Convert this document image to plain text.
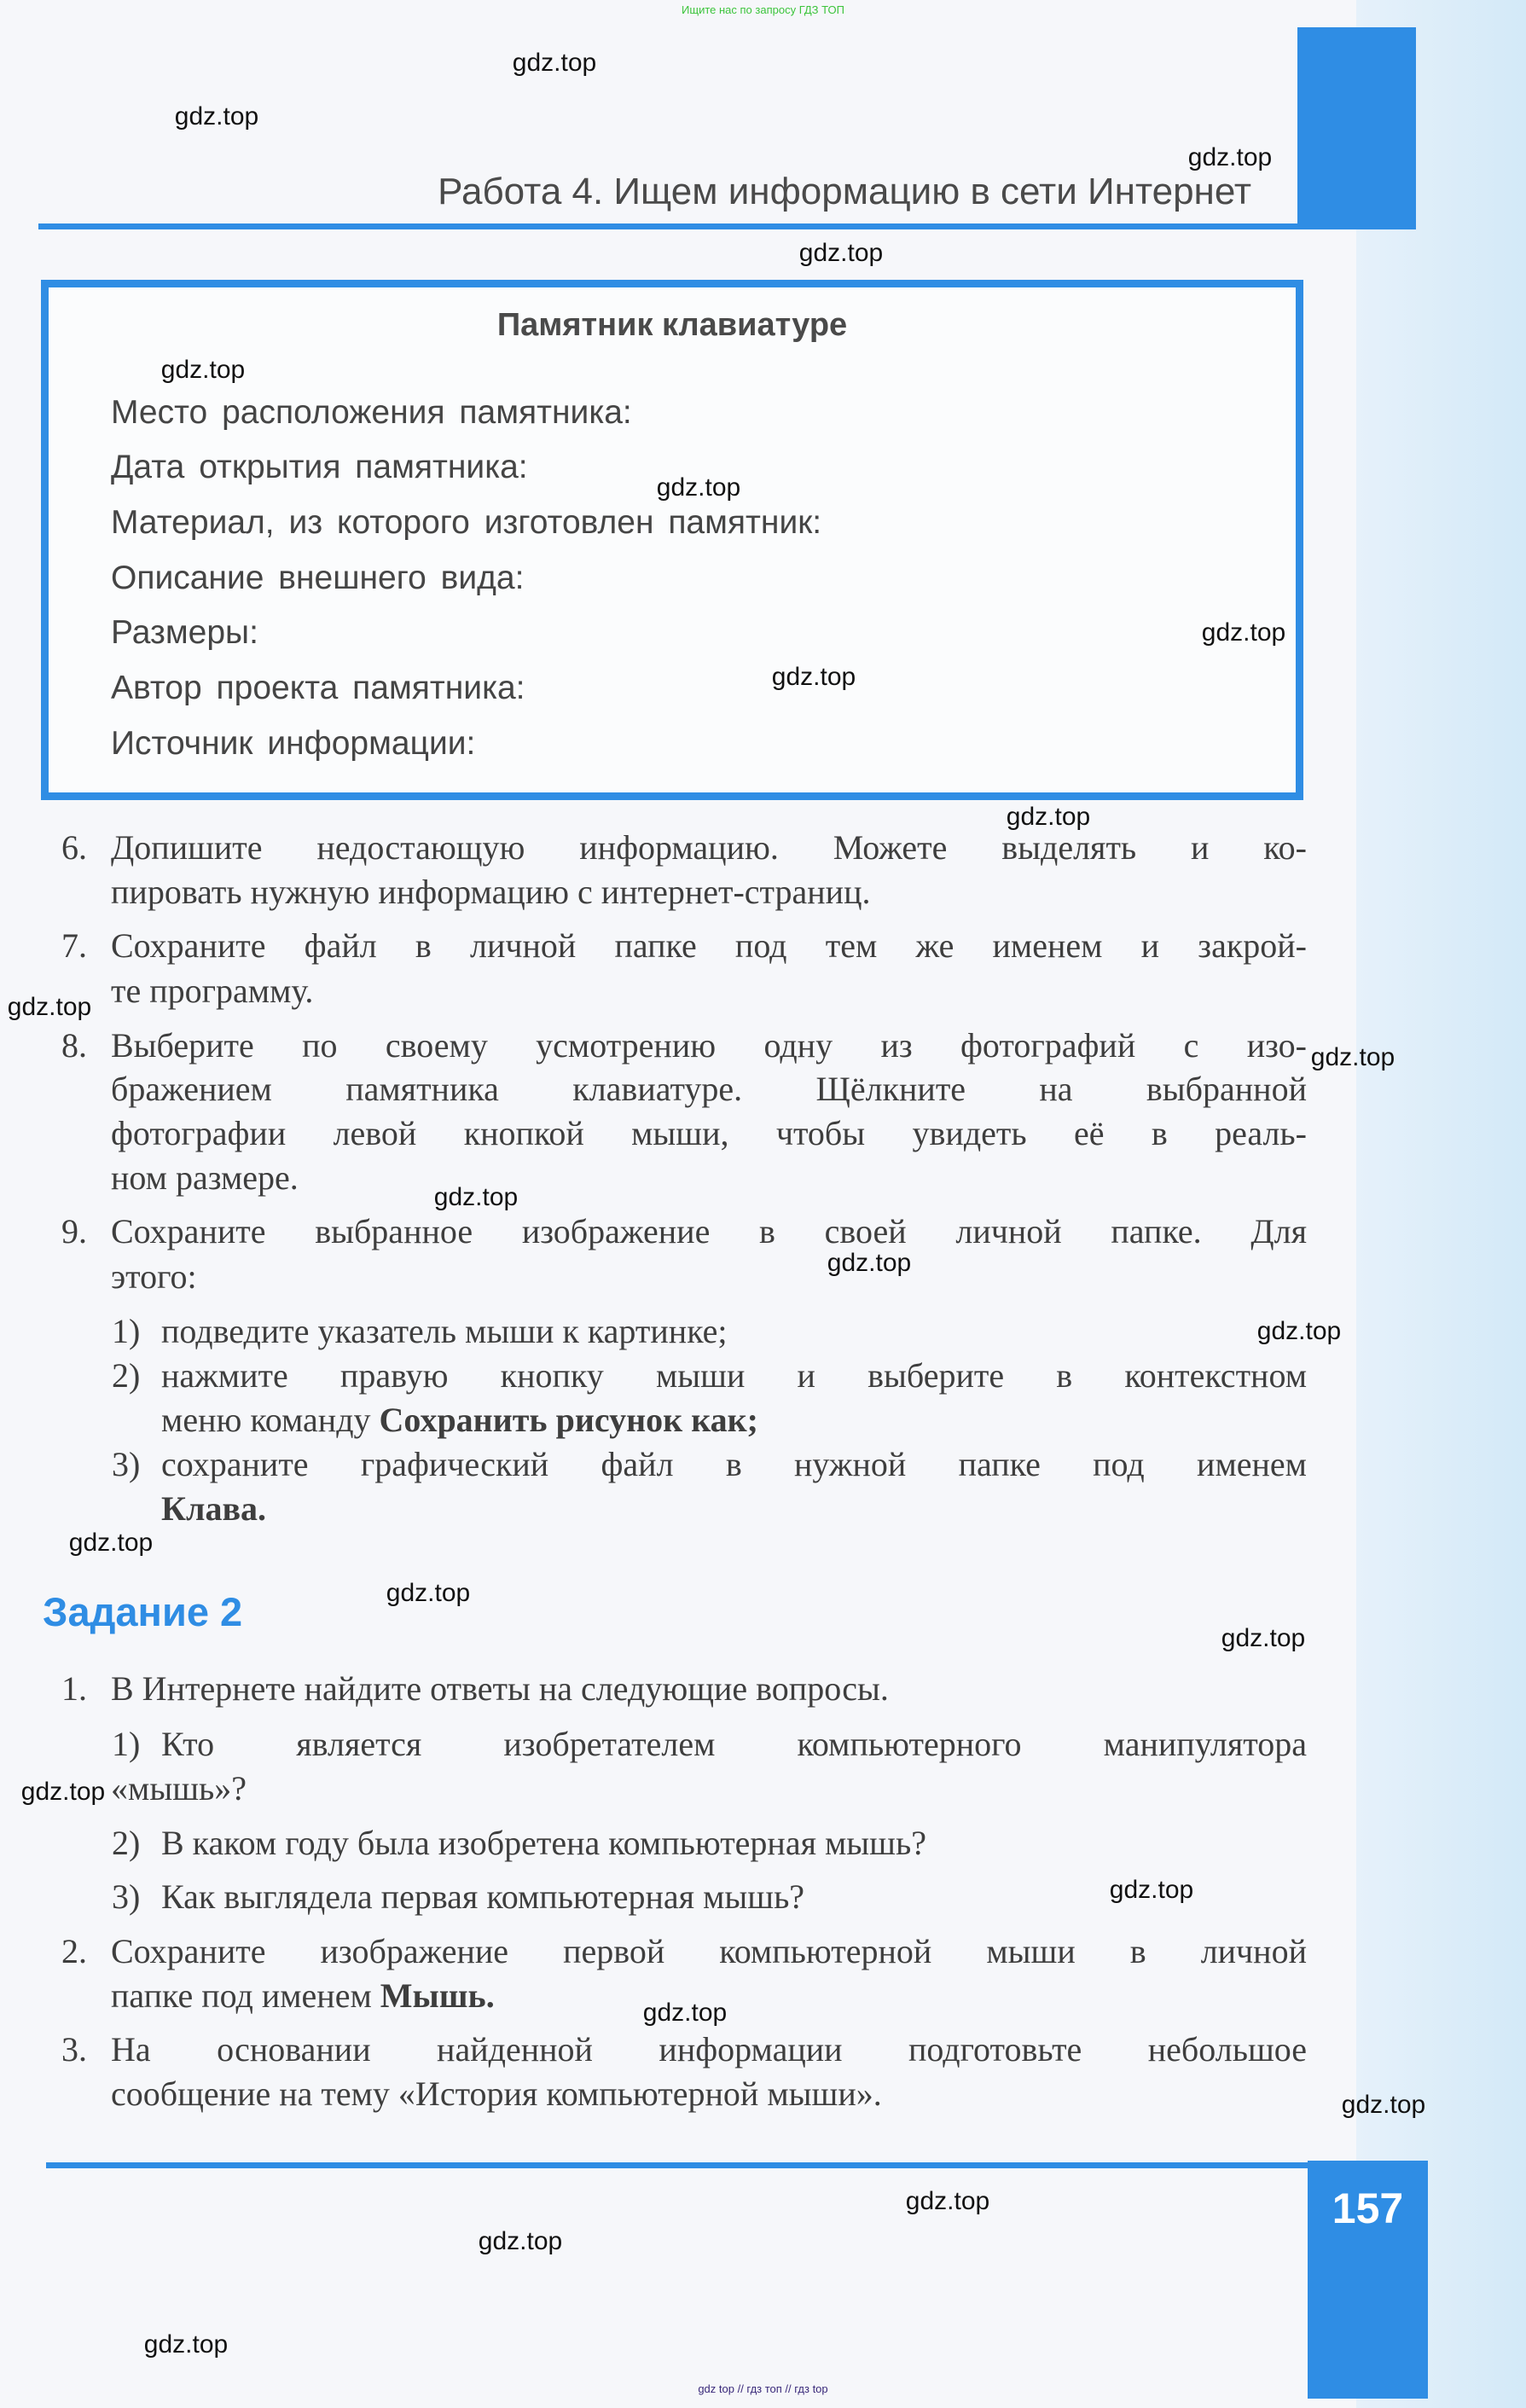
Ищите нас по запросу ГДЗ ТОП
Работа 4. Ищем информацию в сети Интернет
Памятник клавиатуре
Место расположения памятника:
Дата открытия памятника:
Материал, из которого изготовлен памятник:
Описание внешнего вида:
Размеры:
Автор проекта памятника:
Источник информации:
6. Допишите недостающую информацию. Можете выделять и ко-
пировать нужную информацию с интернет-страниц.
7. Сохраните файл в личной папке под тем же именем и закрой-
те программу.
8. Выберите по своему усмотрению одну из фотографий с изо-
бражением памятника клавиатуре. Щёлкните на выбранной
фотографии левой кнопкой мыши, чтобы увидеть её в реаль-
ном размере.
9. Сохраните выбранное изображение в своей личной папке. Для
этого:
1) подведите указатель мыши к картинке;
2) нажмите правую кнопку мыши и выберите в контекстном
меню команду Сохранить рисунок как;
3) сохраните графический файл в нужной папке под именем
Клава.
Задание 2
1. В Интернете найдите ответы на следующие вопросы.
1) Кто является изобретателем компьютерного манипулятора
«мышь»?
2) В каком году была изобретена компьютерная мышь?
3) Как выглядела первая компьютерная мышь?
2. Сохраните изображение первой компьютерной мыши в личной
папке под именем Мышь.
3. На основании найденной информации подготовьте небольшое
сообщение на тему «История компьютерной мыши».
157
gdz.top
gdz.top
gdz.top
gdz.top
gdz.top
gdz.top
gdz.top
gdz.top
gdz.top
gdz.top
gdz.top
gdz.top
gdz.top
gdz.top
gdz.top
gdz.top
gdz.top
gdz.top
gdz.top
gdz.top
gdz.top
gdz.top
gdz.top
gdz.top
gdz top // гдз топ // гдз top
